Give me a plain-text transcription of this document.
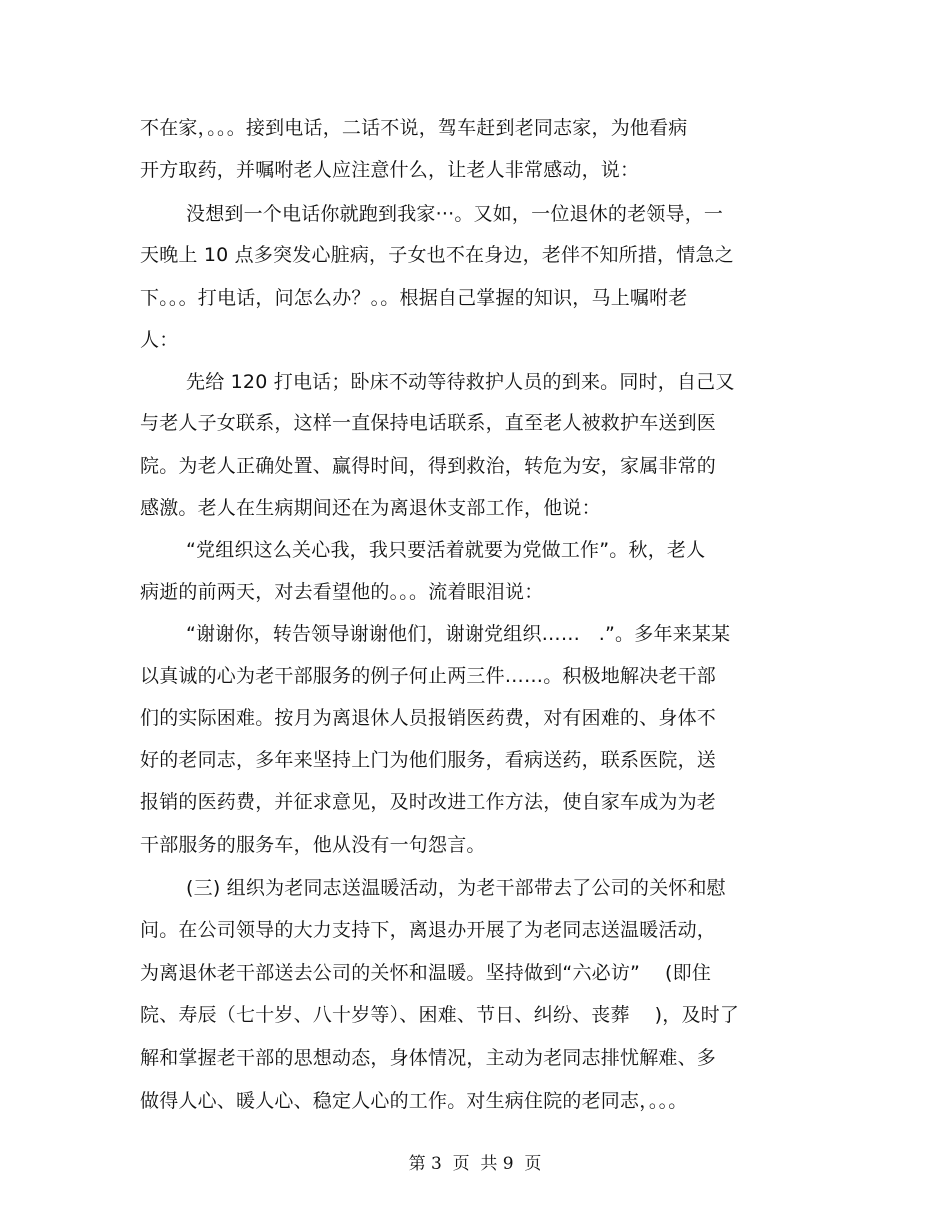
不在家，。。。接到电话，二话不说，驾车赶到老同志家，为他看病
开方取药，并嘱咐老人应注意什么，让老人非常感动，说：
没想到一个电话你就跑到我家···。又如，一位退休的老领导，一
天晚上 10 点多突发心脏病，子女也不在身边，老伴不知所措，情急之
下。。。打电话，问怎么办？。。根据自己掌握的知识，马上嘱咐老
人：
先给 120 打电话；卧床不动等待救护人员的到来。同时，自己又
与老人子女联系，这样一直保持电话联系，直至老人被救护车送到医
院。为老人正确处置、赢得时间，得到救治，转危为安，家属非常的
感激。老人在生病期间还在为离退休支部工作，他说：
“党组织这么关心我，我只要活着就要为党做工作”。秋，老人
病逝的前两天，对去看望他的。。。流着眼泪说：
“谢谢你，转告领导谢谢他们，谢谢党组织……   .”。多年来某某
以真诚的心为老干部服务的例子何止两三件……。积极地解决老干部
们的实际困难。按月为离退休人员报销医药费，对有困难的、身体不
好的老同志，多年来坚持上门为他们服务，看病送药，联系医院，送
报销的医药费，并征求意见，及时改进工作方法，使自家车成为为老
干部服务的服务车，他从没有一句怨言。
(三) 组织为老同志送温暖活动，为老干部带去了公司的关怀和慰
问。在公司领导的大力支持下，离退办开展了为老同志送温暖活动，
为离退休老干部送去公司的关怀和温暖。坚持做到“六必访”    (即住
院、寿辰（七十岁、八十岁等）、困难、节日、纠纷、丧葬    )，及时了
解和掌握老干部的思想动态，身体情况，主动为老同志排忧解难、多
做得人心、暖人心、稳定人心的工作。对生病住院的老同志，。。。
第 3  页  共 9  页
